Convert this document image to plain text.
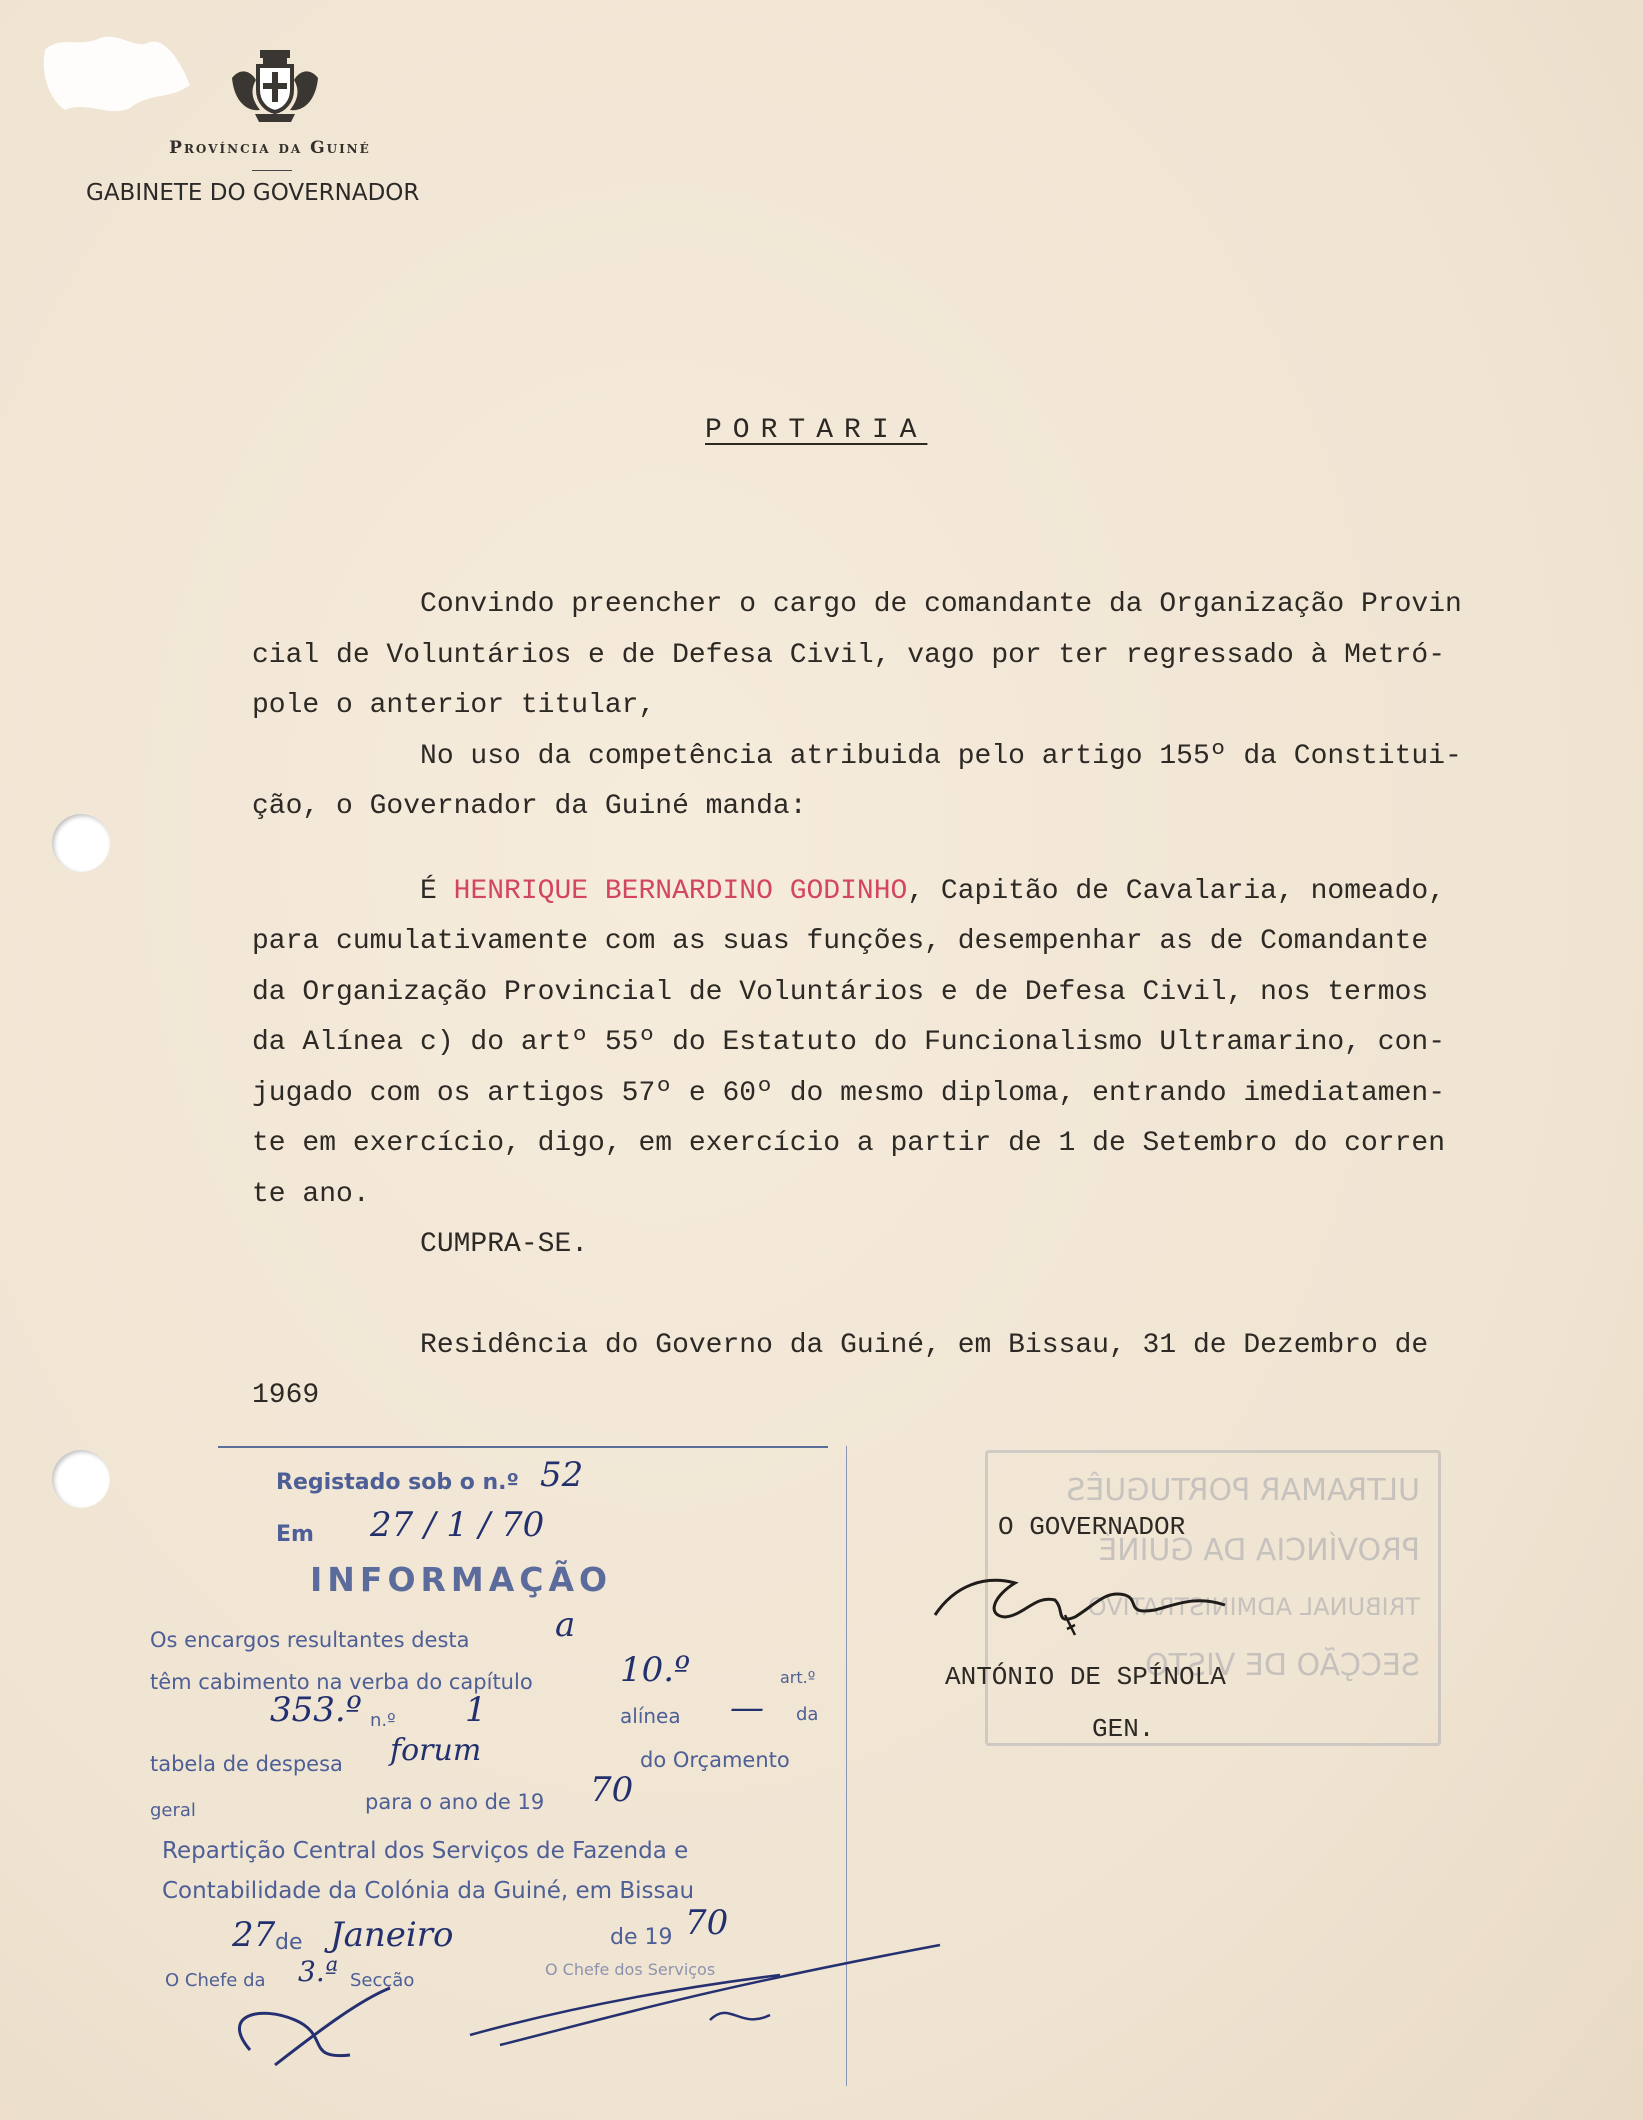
Província da Guiné
GABINETE DO GOVERNADOR
PORTARIA
Convindo preencher o cargo de comandante da Organização Provin
cial de Voluntários e de Defesa Civil, vago por ter regressado à Metró-
pole o anterior titular,
No uso da competência atribuida pelo artigo 155º da Constitui-
ção, o Governador da Guiné manda:
É HENRIQUE BERNARDINO GODINHO, Capitão de Cavalaria, nomeado,
para cumulativamente com as suas funções, desempenhar as de Comandante
da Organização Provincial de Voluntários e de Defesa Civil, nos termos
da Alínea c) do artº 55º do Estatuto do Funcionalismo Ultramarino, con-
jugado com os artigos 57º e 60º do mesmo diploma, entrando imediatamen-
te em exercício, digo, em exercício a partir de 1 de Setembro do corren
te ano.
CUMPRA-SE.
Residência do Governo da Guiné, em Bissau, 31 de Dezembro de
1969
ULTRAMAR PORTUGUÊS
PROVÍNCIA DA GUINÉ
TRIBUNAL ADMINISTRATIVO
SECÇÃO DE VISTO
O GOVERNADOR
ANTÓNIO DE SPÍNOLA
GEN.
Registado sob o n.º 52
Em 27 / 1 / 70
INFORMAÇÃO
Os encargos resultantes desta	a
têm cabimento na verba do capítulo	10.º	art.º
353.º n.º 1	alínea — da
tabela de despesa forum	do Orçamento
geral	para o ano de 19 70
Repartição Central dos Serviços de Fazenda e
Contabilidade da Colónia da Guiné, em Bissau
27 de Janeiro	de 19 70
O Chefe da 3.ª Secção
O Chefe dos Serviços
